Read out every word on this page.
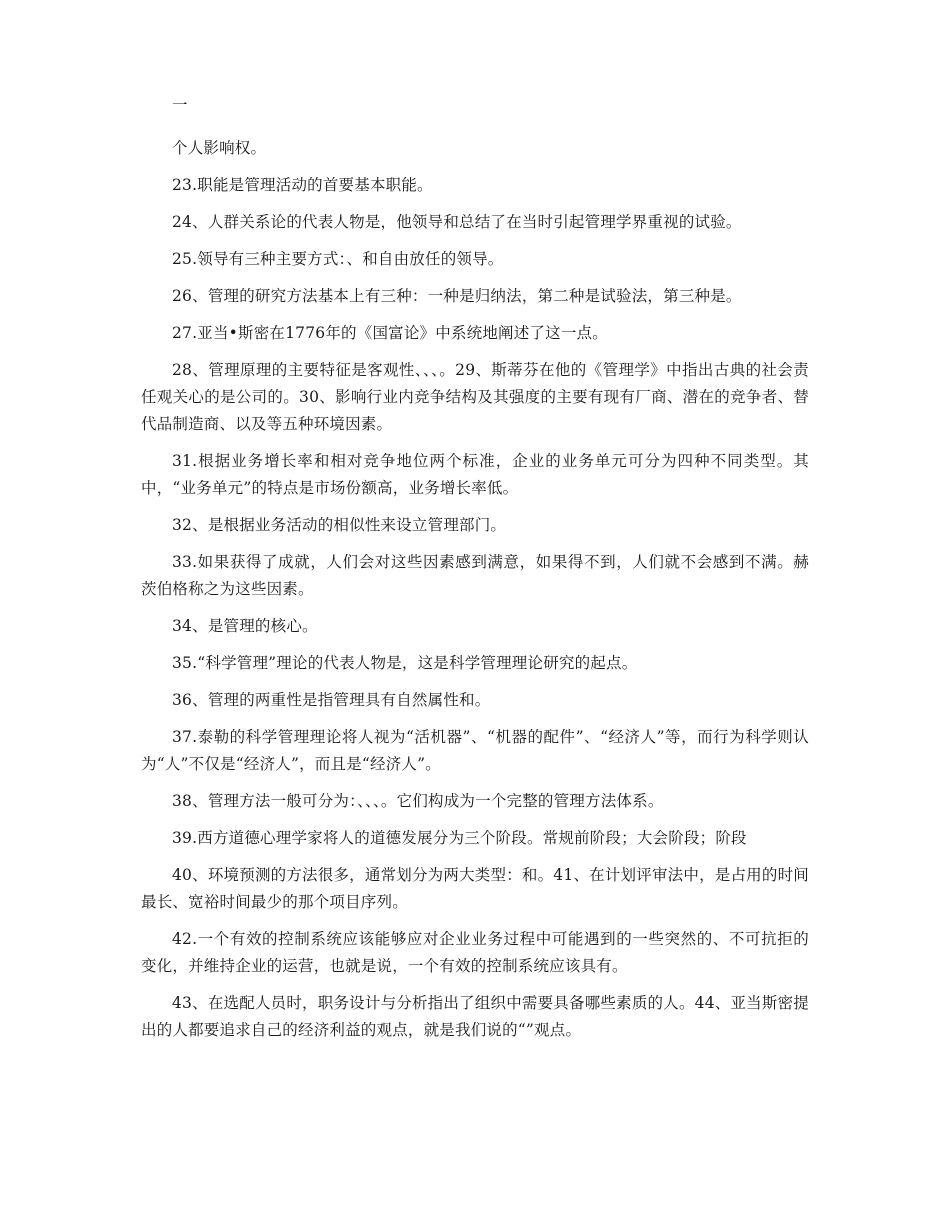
一

个人影响权。

23.职能是管理活动的首要基本职能。

24、人群关系论的代表人物是，他领导和总结了在当时引起管理学界重视的试验。

25.领导有三种主要方式：、和自由放任的领导。

26、管理的研究方法基本上有三种：一种是归纳法，第二种是试验法，第三种是。

27.亚当•斯密在1776年的《国富论》中系统地阐述了这一点。

28、管理原理的主要特征是客观性、、、。29、斯蒂芬在他的《管理学》中指出古典的社会责任观关心的是公司的。30、影响行业内竞争结构及其强度的主要有现有厂商、潜在的竞争者、替代品制造商、以及等五种环境因素。

31.根据业务增长率和相对竞争地位两个标准，企业的业务单元可分为四种不同类型。其中，“业务单元”的特点是市场份额高，业务增长率低。

32、是根据业务活动的相似性来设立管理部门。

33.如果获得了成就，人们会对这些因素感到满意，如果得不到，人们就不会感到不满。赫茨伯格称之为这些因素。

34、是管理的核心。

35.“科学管理”理论的代表人物是，这是科学管理理论研究的起点。

36、管理的两重性是指管理具有自然属性和。

37.泰勒的科学管理理论将人视为“活机器”、“机器的配件”、“经济人”等，而行为科学则认为“人”不仅是“经济人”，而且是“经济人”。

38、管理方法一般可分为：、、、。它们构成为一个完整的管理方法体系。

39.西方道德心理学家将人的道德发展分为三个阶段。常规前阶段；大会阶段；阶段

40、环境预测的方法很多，通常划分为两大类型：和。41、在计划评审法中，是占用的时间最长、宽裕时间最少的那个项目序列。

42.一个有效的控制系统应该能够应对企业业务过程中可能遇到的一些突然的、不可抗拒的变化，并维持企业的运营，也就是说，一个有效的控制系统应该具有。

43、在选配人员时，职务设计与分析指出了组织中需要具备哪些素质的人。44、亚当斯密提出的人都要追求自己的经济利益的观点，就是我们说的“”观点。
